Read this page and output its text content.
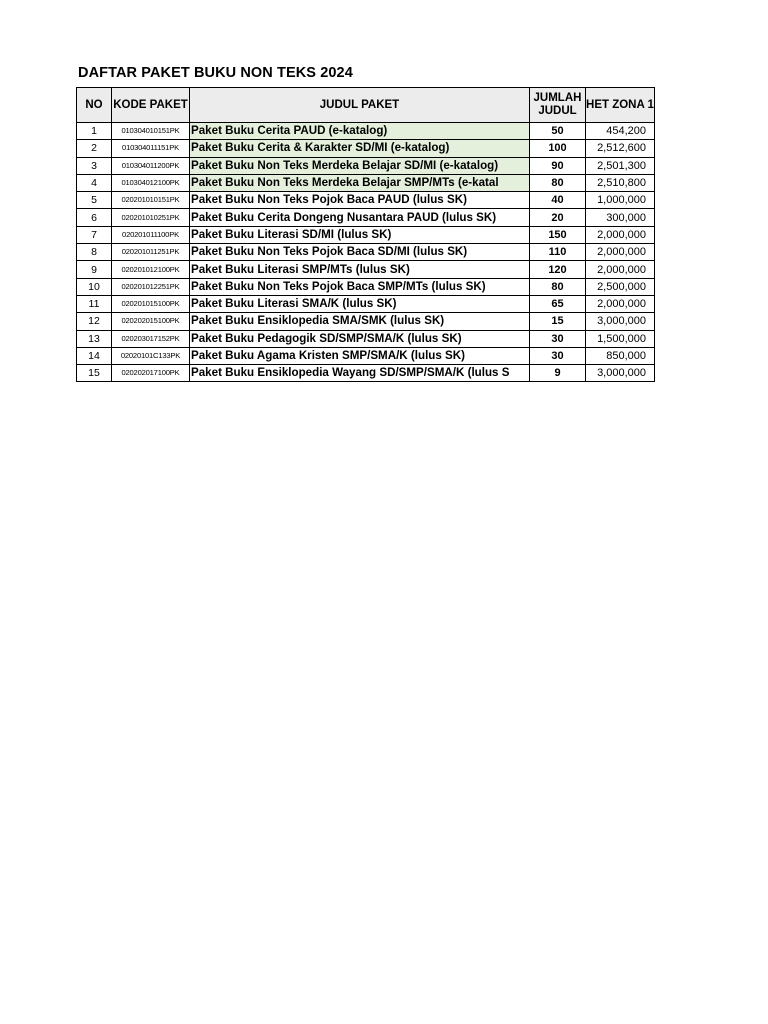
DAFTAR PAKET BUKU NON TEKS 2024
NO	KODE PAKET	JUDUL PAKET	JUMLAH JUDUL	HET ZONA 1
1	010304010151PK	Paket Buku Cerita PAUD (e-katalog)	50	454,200
2	010304011151PK	Paket Buku Cerita & Karakter SD/MI (e-katalog)	100	2,512,600
3	010304011200PK	Paket Buku Non Teks Merdeka Belajar SD/MI (e-katalog)	90	2,501,300
4	010304012100PK	Paket Buku Non Teks Merdeka Belajar SMP/MTs (e-katal	80	2,510,800
5	020201010151PK	Paket Buku Non Teks Pojok Baca PAUD (lulus SK)	40	1,000,000
6	020201010251PK	Paket Buku Cerita Dongeng Nusantara PAUD (lulus SK)	20	300,000
7	020201011100PK	Paket Buku Literasi SD/MI (lulus SK)	150	2,000,000
8	020201011251PK	Paket Buku Non Teks Pojok Baca SD/MI (lulus SK)	110	2,000,000
9	020201012100PK	Paket Buku Literasi SMP/MTs (lulus SK)	120	2,000,000
10	020201012251PK	Paket Buku Non Teks Pojok Baca SMP/MTs (lulus SK)	80	2,500,000
11	020201015100PK	Paket Buku Literasi SMA/K (lulus SK)	65	2,000,000
12	020202015100PK	Paket Buku Ensiklopedia SMA/SMK (lulus SK)	15	3,000,000
13	020203017152PK	Paket Buku Pedagogik SD/SMP/SMA/K (lulus SK)	30	1,500,000
14	02020101C133PK	Paket Buku Agama Kristen SMP/SMA/K (lulus SK)	30	850,000
15	020202017100PK	Paket Buku Ensiklopedia Wayang SD/SMP/SMA/K (lulus S	9	3,000,000
